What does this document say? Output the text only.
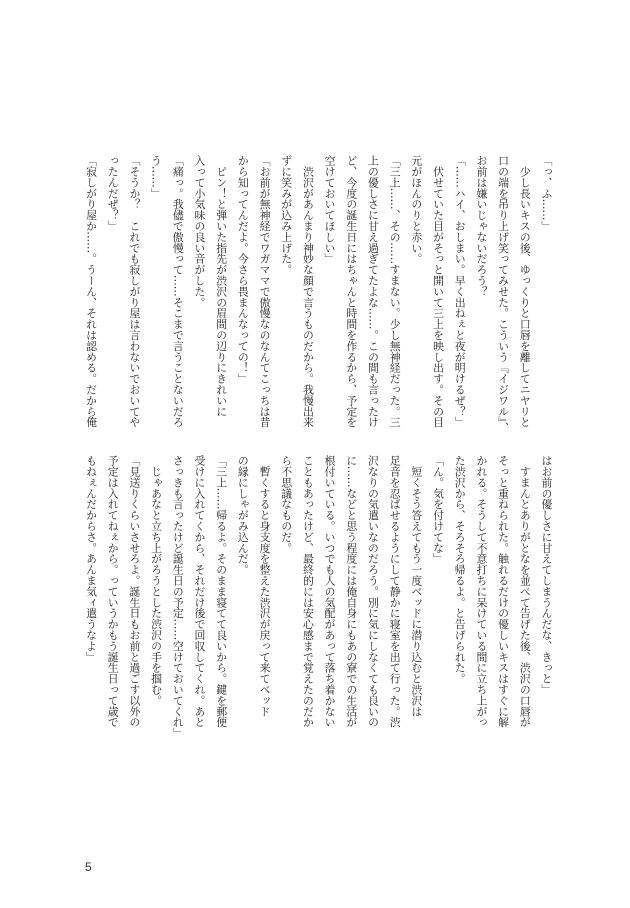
「っ、ふ……」
　少し長いキスの後、ゆっくりと口唇を離してニヤリと
口の端を吊り上げ笑ってみせた。こういう『イジワル』、
お前は嫌いじゃないだろう？
「……ハイ、おしまい。早く出ねぇと夜が明けるぜ？」
　伏せていた目がそっと開いて三上を映し出す。その目
元がほんのりと赤い。
「三上……、その……すまない。少し無神経だった。三
上の優しさに甘え過ぎてたよな……。この間も言ったけ
ど、今度の誕生日にはちゃんと時間を作るから、予定を
空けておいてほしい」
　渋沢があんまり神妙な顔で言うものだから。我慢出来
ずに笑みが込み上げた。
「お前が無神経でワガママで傲慢なのなんてこっちは昔
から知ってんだよ。今さら畏まんなっての！」
　ピン！と弾いた指先が渋沢の眉間の辺りにきれいに
入って小気味の良い音がした。
「痛っ。我儘で傲慢って……そこまで言うことないだろ
う……」
「そうか？　これでも寂しがり屋は言わないでおいてや
ったんだぜ？」
「寂しがり屋か……。うーん、それは認める。だから俺
はお前の優しさに甘えてしまうんだな、きっと」
　すまんとありがとなを並べて告げた後、渋沢の口唇が
そっと重ねられた。触れるだけの優しいキスはすぐに解
かれる。そうして不意打ちに呆けている間に立ち上がっ
た渋沢から、そろそろ帰るよ。と告げられた。
「ん。気を付けてな」
　短くそう答えてもう一度ベッドに潜り込むと渋沢は
足音を忍ばせるようにして静かに寝室を出て行った。渋
沢なりの気遣いなのだろう。別に気にしなくても良いの
に……などと思う程度には俺自身にもあの寮での生活が
根付いている。いつでも人の気配があって落ち着かない
こともあったけど、最終的には安心感まで覚えたのだか
ら不思議なものだ。
　暫くすると身支度を整えた渋沢が戻って来てベッド
の縁にしゃがみ込んだ。
「三上……帰るよ。そのまま寝てて良いから。鍵を郵便
受けに入れてくから、それだけ後で回収してくれ。あと
さっきも言ったけど誕生日の予定……空けておいてくれ」
　じゃあなと立ち上がろうとした渋沢の手を掴む。
「見送りくらいさせろよ。誕生日もお前と過ごす以外の
予定は入れてねぇから。っていうかもう誕生日って歳で
もねぇんだからさ。あんま気ィ遣うなよ」
5
